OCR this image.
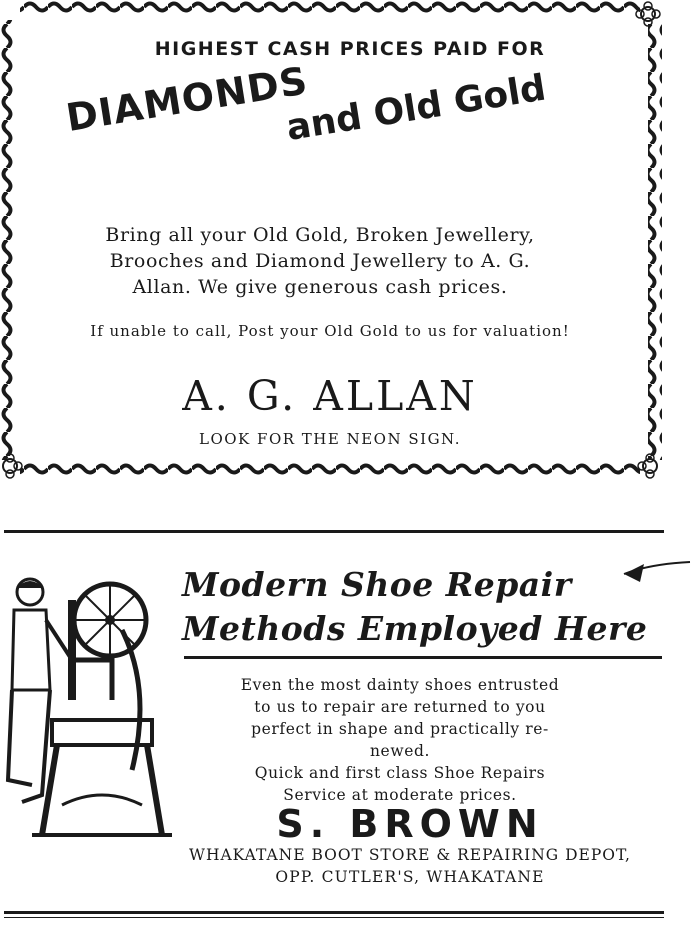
HIGHEST CASH PRICES PAID FOR
DIAMONDS
and Old Gold
Bring all your Old Gold, Broken Jewellery,
Brooches and Diamond Jewellery to A. G.
Allan. We give generous cash prices.
If unable to call, Post your Old Gold to us for valuation!
A. G. ALLAN
LOOK FOR THE NEON SIGN.
Modern Shoe Repair
Methods Employed Here
Even the most dainty shoes entrusted
to us to repair are returned to you
perfect in shape and practically re-
newed.
Quick and first class Shoe Repairs
Service at moderate prices.
S. BROWN
WHAKATANE BOOT STORE & REPAIRING DEPOT,
OPP. CUTLER'S, WHAKATANE
